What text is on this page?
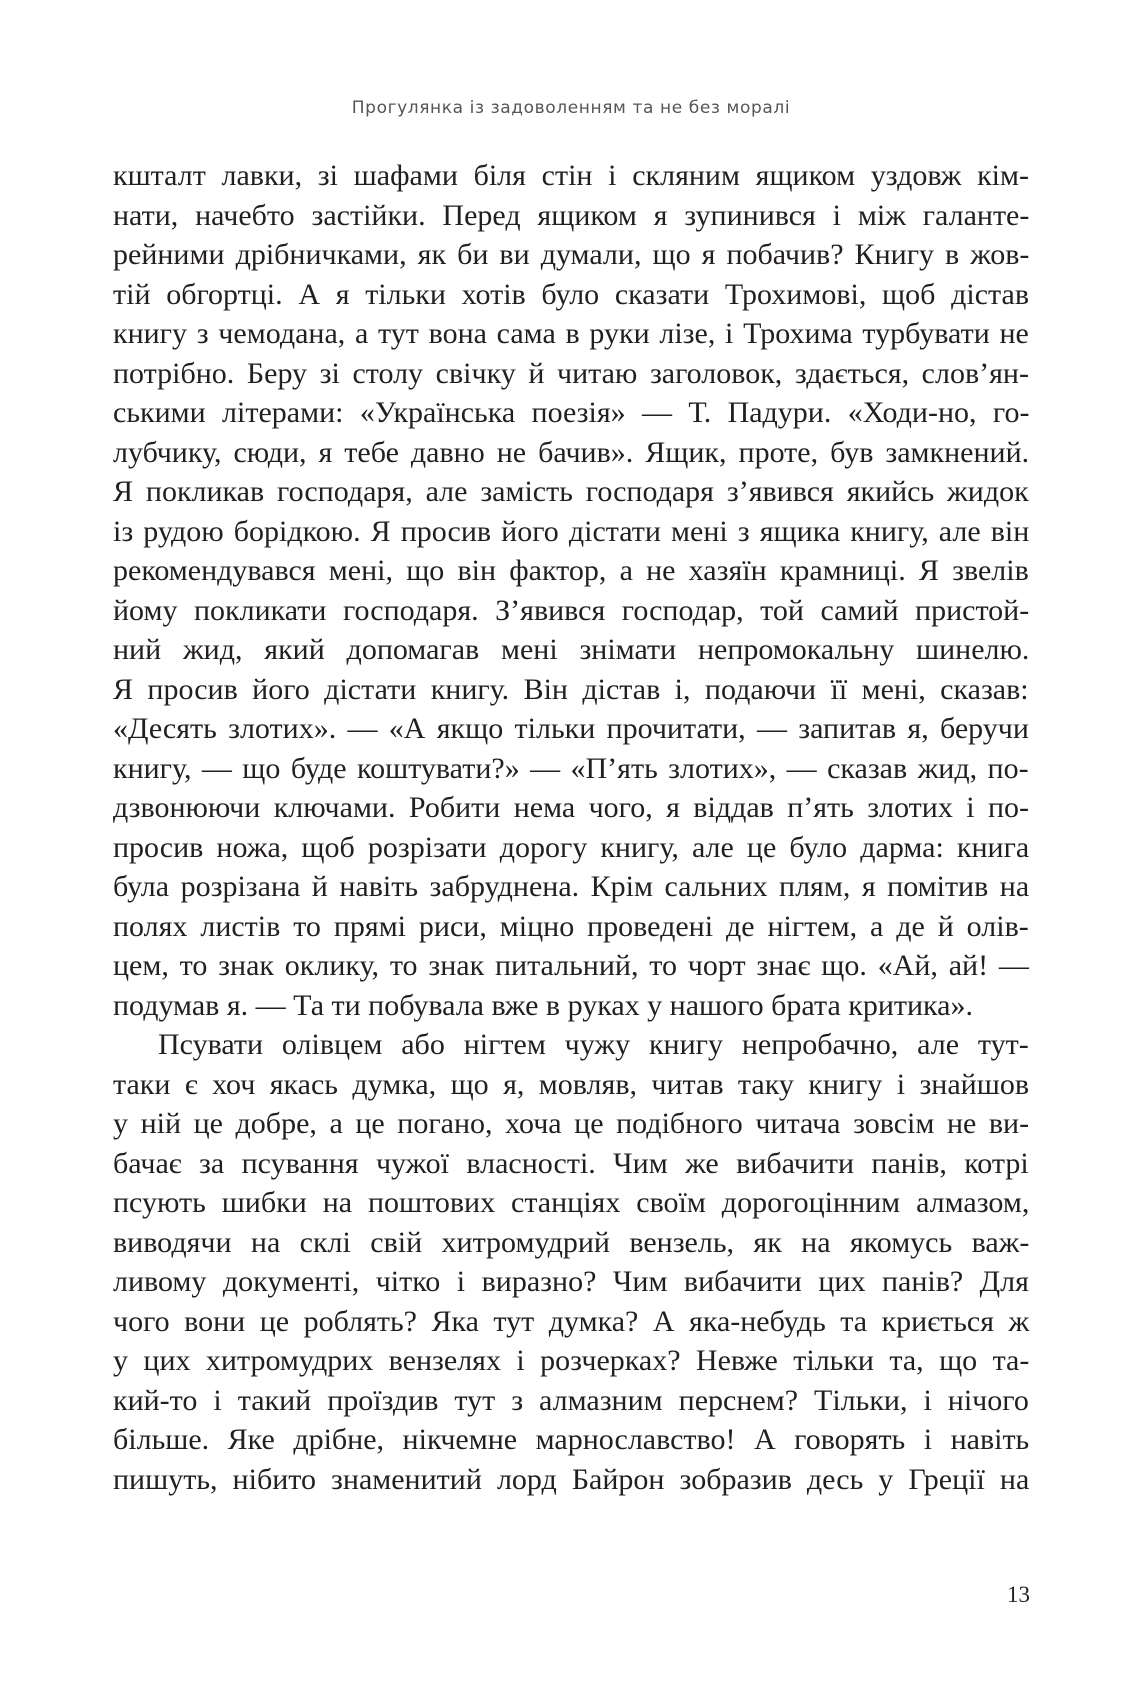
Прогулянка із задоволенням та не без моралі

кшталт лавки, зі шафами біля стін і скляним ящиком уздовж кім-

нати, начебто застійки. Перед ящиком я зупинився і між галанте-

рейними дрібничками, як би ви думали, що я побачив? Книгу в жов-

тій обгортці. А я тільки хотів було сказати Трохимові, щоб дістав

книгу з чемодана, а тут вона сама в руки лізе, і Трохима турбувати не

потрібно. Беру зі столу свічку й читаю заголовок, здається, слов’ян-

ськими літерами: «Українська поезія» — Т. Падури. «Ходи-но, го-

лубчику, сюди, я тебе давно не бачив». Ящик, проте, був замкнений.

Я покликав господаря, але замість господаря з’явився якийсь жидок

із рудою борідкою. Я просив його дістати мені з ящика книгу, але він

рекомендувався мені, що він фактор, а не хазяїн крамниці. Я звелів

йому покликати господаря. З’явився господар, той самий пристой-

ний жид, який допомагав мені знімати непромокальну шинелю.

Я просив його дістати книгу. Він дістав і, подаючи її мені, сказав:

«Десять злотих». — «А якщо тільки прочитати, — запитав я, беручи

книгу, — що буде коштувати?» — «П’ять злотих», — сказав жид, по-

дзвонюючи ключами. Робити нема чого, я віддав п’ять злотих і по-

просив ножа, щоб розрізати дорогу книгу, але це було дарма: книга

була розрізана й навіть забруднена. Крім сальних плям, я помітив на

полях листів то прямі риси, міцно проведені де нігтем, а де й олів-

цем, то знак оклику, то знак питальний, то чорт знає що. «Ай, ай! —

подумав я. — Та ти побувала вже в руках у нашого брата критика».

Псувати олівцем або нігтем чужу книгу непробачно, але тут-

таки є хоч якась думка, що я, мовляв, читав таку книгу і знайшов

у ній це добре, а це погано, хоча це подібного читача зовсім не ви-

бачає за псування чужої власності. Чим же вибачити панів, котрі

псують шибки на поштових станціях своїм дорогоцінним алмазом,

виводячи на склі свій хитромудрий вензель, як на якомусь важ-

ливому документі, чітко і виразно? Чим вибачити цих панів? Для

чого вони це роблять? Яка тут думка? А яка-небудь та криється ж

у цих хитромудрих вензелях і розчерках? Невже тільки та, що та-

кий-то і такий проїздив тут з алмазним перснем? Тільки, і нічого

більше. Яке дрібне, нікчемне марнославство! А говорять і навіть

пишуть, нібито знаменитий лорд Байрон зобразив десь у Греції на

13
